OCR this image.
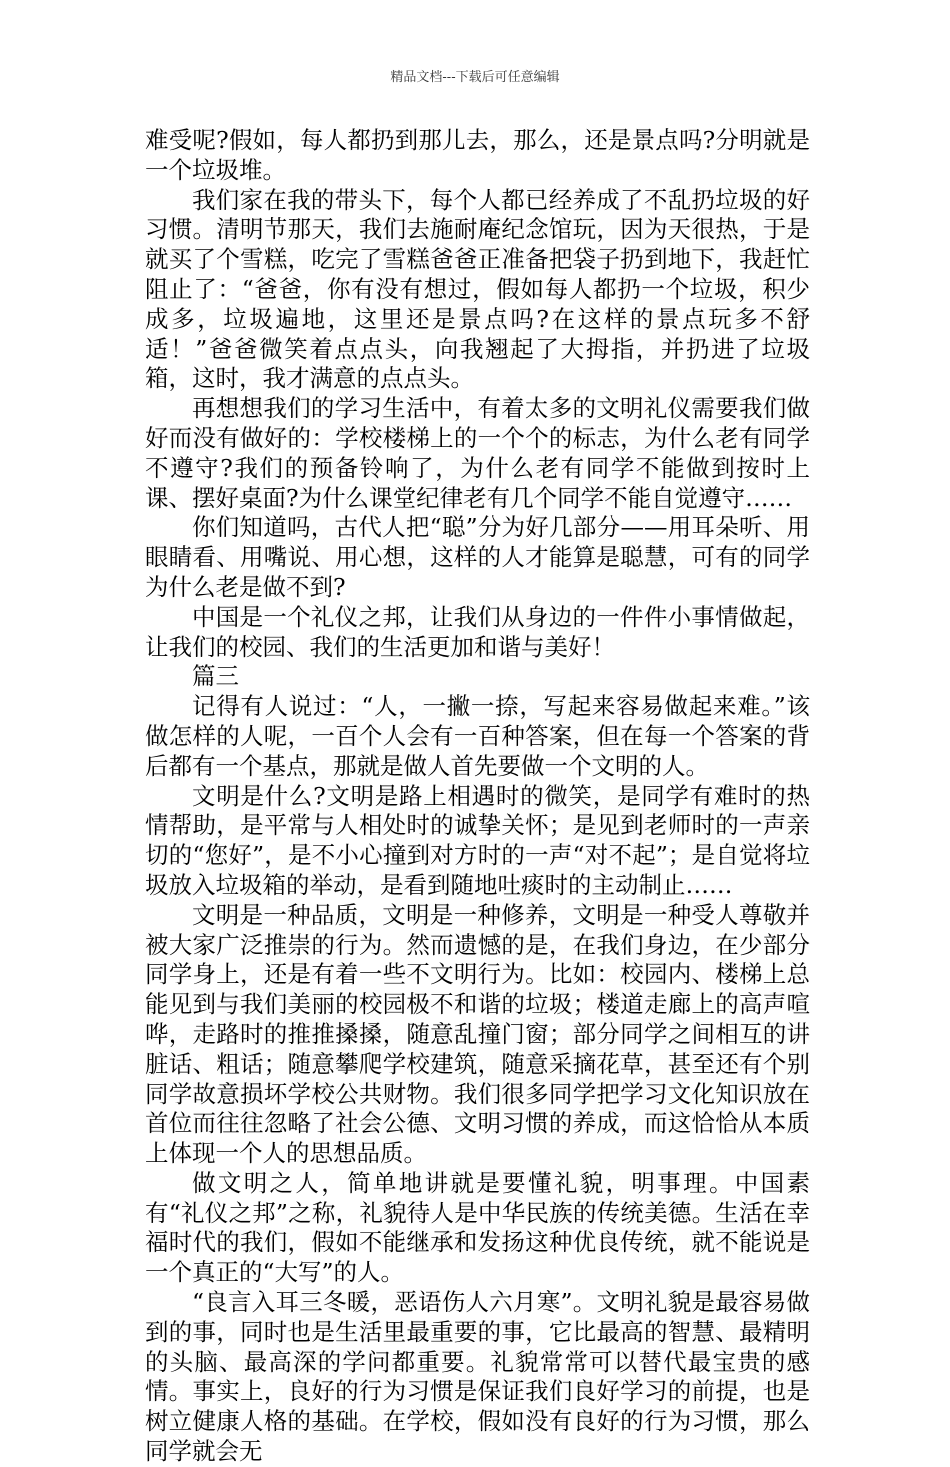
精品文档---下载后可任意编辑

难受呢?假如，每人都扔到那儿去，那么，还是景点吗?分明就是一个垃圾堆。

我们家在我的带头下，每个人都已经养成了不乱扔垃圾的好习惯。清明节那天，我们去施耐庵纪念馆玩，因为天很热，于是就买了个雪糕，吃完了雪糕爸爸正准备把袋子扔到地下，我赶忙阻止了：“爸爸，你有没有想过，假如每人都扔一个垃圾，积少成多，垃圾遍地，这里还是景点吗?在这样的景点玩多不舒适！”爸爸微笑着点点头，向我翘起了大拇指，并扔进了垃圾箱，这时，我才满意的点点头。

再想想我们的学习生活中，有着太多的文明礼仪需要我们做好而没有做好的：学校楼梯上的一个个的标志，为什么老有同学不遵守?我们的预备铃响了，为什么老有同学不能做到按时上课、摆好桌面?为什么课堂纪律老有几个同学不能自觉遵守……

你们知道吗，古代人把“聪”分为好几部分——用耳朵听、用眼睛看、用嘴说、用心想，这样的人才能算是聪慧，可有的同学为什么老是做不到?

中国是一个礼仪之邦，让我们从身边的一件件小事情做起，让我们的校园、我们的生活更加和谐与美好！

篇三

记得有人说过：“人，一撇一捺，写起来容易做起来难。”该做怎样的人呢，一百个人会有一百种答案，但在每一个答案的背后都有一个基点，那就是做人首先要做一个文明的人。

文明是什么?文明是路上相遇时的微笑，是同学有难时的热情帮助，是平常与人相处时的诚挚关怀；是见到老师时的一声亲切的“您好”，是不小心撞到对方时的一声“对不起”；是自觉将垃圾放入垃圾箱的举动，是看到随地吐痰时的主动制止……

文明是一种品质，文明是一种修养，文明是一种受人尊敬并被大家广泛推崇的行为。然而遗憾的是，在我们身边，在少部分同学身上，还是有着一些不文明行为。比如：校园内、楼梯上总能见到与我们美丽的校园极不和谐的垃圾；楼道走廊上的高声喧哗，走路时的推推搡搡，随意乱撞门窗；部分同学之间相互的讲脏话、粗话；随意攀爬学校建筑，随意采摘花草，甚至还有个别同学故意损坏学校公共财物。我们很多同学把学习文化知识放在首位而往往忽略了社会公德、文明习惯的养成，而这恰恰从本质上体现一个人的思想品质。

做文明之人，简单地讲就是要懂礼貌，明事理。中国素有“礼仪之邦”之称，礼貌待人是中华民族的传统美德。生活在幸福时代的我们，假如不能继承和发扬这种优良传统，就不能说是一个真正的“大写”的人。

“良言入耳三冬暖，恶语伤人六月寒”。文明礼貌是最容易做到的事，同时也是生活里最重要的事，它比最高的智慧、最精明的头脑、最高深的学问都重要。礼貌常常可以替代最宝贵的感情。事实上，良好的行为习惯是保证我们良好学习的前提，也是树立健康人格的基础。在学校，假如没有良好的行为习惯，那么同学就会无
